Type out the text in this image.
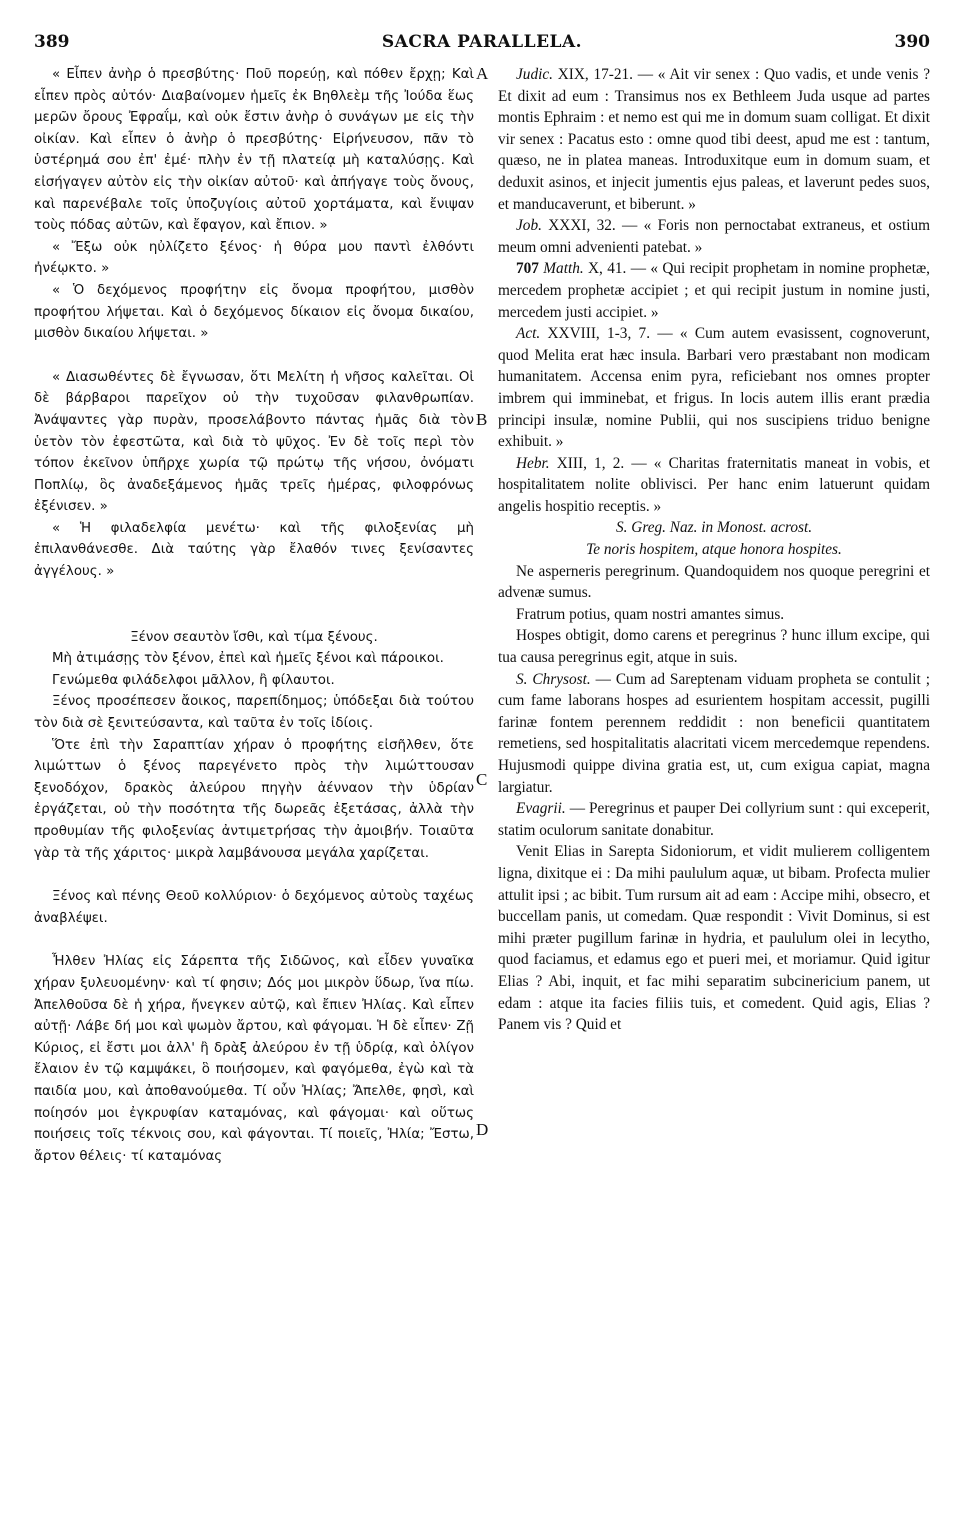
389	SACRA PARALLELA.	390
A
B
C
D

« Εἶπεν ἀνὴρ ὁ πρεσβύτης· Ποῦ πορεύῃ, καὶ πόθεν ἔρχῃ; Καὶ εἶπεν πρὸς αὐτόν· Διαβαίνομεν ἡμεῖς ἐκ Βηθλεὲμ τῆς Ἰούδα ἕως μερῶν ὄρους Ἐφραΐμ, καὶ οὐκ ἔστιν ἀνὴρ ὁ συνάγων με εἰς τὴν οἰκίαν. Καὶ εἶπεν ὁ ἀνὴρ ὁ πρεσβύτης· Εἰρήνευσον, πᾶν τὸ ὑστέρημά σου ἐπ' ἐμέ· πλὴν ἐν τῇ πλατείᾳ μὴ καταλύσῃς. Καὶ εἰσήγαγεν αὐτὸν εἰς τὴν οἰκίαν αὐτοῦ· καὶ ἀπήγαγε τοὺς ὄνους, καὶ παρενέβαλε τοῖς ὑποζυγίοις αὐτοῦ χορτάματα, καὶ ἔνιψαν τοὺς πόδας αὐτῶν, καὶ ἔφαγον, καὶ ἔπιον. »

« Ἔξω οὐκ ηὐλίζετο ξένος· ἡ θύρα μου παντὶ ἐλθόντι ἠνέῳκτο. »

« Ὁ δεχόμενος προφήτην εἰς ὄνομα προφήτου, μισθὸν προφήτου λήψεται. Καὶ ὁ δεχόμενος δίκαιον εἰς ὄνομα δικαίου, μισθὸν δικαίου λήψεται. »

« Διασωθέντες δὲ ἔγνωσαν, ὅτι Μελίτη ἡ νῆσος καλεῖται. Οἱ δὲ βάρβαροι παρεῖχον οὐ τὴν τυχοῦσαν φιλανθρωπίαν. Ἀνάψαντες γὰρ πυρὰν, προσελάβοντο πάντας ἡμᾶς διὰ τὸν ὑετὸν τὸν ἐφεστῶτα, καὶ διὰ τὸ ψῦχος. Ἐν δὲ τοῖς περὶ τὸν τόπον ἐκεῖνον ὑπῆρχε χωρία τῷ πρώτῳ τῆς νήσου, ὀνόματι Ποπλίῳ, ὃς ἀναδεξάμενος ἡμᾶς τρεῖς ἡμέρας, φιλοφρόνως ἐξένισεν. »

« Ἡ φιλαδελφία μενέτω· καὶ τῆς φιλοξενίας μὴ ἐπιλανθάνεσθε. Διὰ ταύτης γὰρ ἔλαθόν τινες ξενίσαντες ἀγγέλους. »

Ξένον σεαυτὸν ἴσθι, καὶ τίμα ξένους.

Μὴ ἀτιμάσῃς τὸν ξένον, ἐπεὶ καὶ ἡμεῖς ξένοι καὶ πάροικοι.

Γενώμεθα φιλάδελφοι μᾶλλον, ἢ φίλαυτοι.

Ξένος προσέπεσεν ἄοικος, παρεπίδημος; ὑπόδεξαι διὰ τούτου τὸν διὰ σὲ ξενιτεύσαντα, καὶ ταῦτα ἐν τοῖς ἰδίοις.

Ὅτε ἐπὶ τὴν Σαραπτίαν χήραν ὁ προφήτης εἰσῆλθεν, ὅτε λιμώττων ὁ ξένος παρεγένετο πρὸς τὴν λιμώττουσαν ξενοδόχον, δρακὸς ἀλεύρου πηγὴν ἀένναον τὴν ὑδρίαν ἐργάζεται, οὐ τὴν ποσότητα τῆς δωρεᾶς ἐξετάσας, ἀλλὰ τὴν προθυμίαν τῆς φιλοξενίας ἀντιμετρήσας τὴν ἀμοιβήν. Τοιαῦτα γὰρ τὰ τῆς χάριτος· μικρὰ λαμβάνουσα μεγάλα χαρίζεται.

Ξένος καὶ πένης Θεοῦ κολλύριον· ὁ δεχόμενος αὐτοὺς ταχέως ἀναβλέψει.

Ἦλθεν Ἠλίας εἰς Σάρεπτα τῆς Σιδῶνος, καὶ εἶδεν γυναῖκα χήραν ξυλευομένην· καὶ τί φησιν; Δός μοι μικρὸν ὕδωρ, ἵνα πίω. Ἀπελθοῦσα δὲ ἡ χήρα, ἤνεγκεν αὐτῷ, καὶ ἔπιεν Ἠλίας. Καὶ εἶπεν αὐτῇ· Λάβε δή μοι καὶ ψωμὸν ἄρτου, καὶ φάγομαι. Ἡ δὲ εἶπεν· Ζῇ Κύριος, εἰ ἔστι μοι ἀλλ' ἢ δρὰξ ἀλεύρου ἐν τῇ ὑδρίᾳ, καὶ ὀλίγον ἔλαιον ἐν τῷ καμψάκει, ὃ ποιήσομεν, καὶ φαγόμεθα, ἐγὼ καὶ τὰ παιδία μου, καὶ ἀποθανούμεθα. Τί οὖν Ἠλίας; Ἄπελθε, φησὶ, καὶ ποίησόν μοι ἐγκρυφίαν καταμόνας, καὶ φάγομαι· καὶ οὕτως ποιήσεις τοῖς τέκνοις σου, καὶ φάγονται. Τί ποιεῖς, Ἠλία; Ἔστω, ἄρτον θέλεις· τί καταμόνας

Judic. XIX, 17-21. — « Ait vir senex : Quo vadis, et unde venis ? Et dixit ad eum : Transimus nos ex Bethleem Juda usque ad partes montis Ephraim : et nemo est qui me in domum suam colligat. Et dixit vir senex : Pacatus esto : omne quod tibi deest, apud me est : tantum, quæso, ne in platea maneas. Introduxitque eum in domum suam, et deduxit asinos, et injecit jumentis ejus paleas, et laverunt pedes suos, et manducaverunt, et biberunt. »

Job. XXXI, 32. — « Foris non pernoctabat extraneus, et ostium meum omni advenienti patebat. »

707 Matth. X, 41. — « Qui recipit prophetam in nomine prophetæ, mercedem prophetæ accipiet ; et qui recipit justum in nomine justi, mercedem justi accipiet. »

Act. XXVIII, 1-3, 7. — « Cum autem evasissent, cognoverunt, quod Melita erat hæc insula. Barbari vero præstabant non modicam humanitatem. Accensa enim pyra, reficiebant nos omnes propter imbrem qui imminebat, et frigus. In locis autem illis erant prædia principi insulæ, nomine Publii, qui nos suscipiens triduo benigne exhibuit. »

Hebr. XIII, 1, 2. — « Charitas fraternitatis maneat in vobis, et hospitalitatem nolite oblivisci. Per hanc enim latuerunt quidam angelis hospitio receptis. »

S. Greg. Naz. in Monost. acrost.

Te noris hospitem, atque honora hospites.

Ne asperneris peregrinum. Quandoquidem nos quoque peregrini et advenæ sumus.

Fratrum potius, quam nostri amantes simus.

Hospes obtigit, domo carens et peregrinus ? hunc illum excipe, qui tua causa peregrinus egit, atque in suis.

S. Chrysost. — Cum ad Sareptenam viduam propheta se contulit ; cum fame laborans hospes ad esurientem hospitam accessit, pugilli farinæ fontem perennem reddidit : non beneficii quantitatem remetiens, sed hospitalitatis alacritati vicem mercedemque rependens. Hujusmodi quippe divina gratia est, ut, cum exigua capiat, magna largiatur.

Evagrii. — Peregrinus et pauper Dei collyrium sunt : qui exceperit, statim oculorum sanitate donabitur.

Venit Elias in Sarepta Sidoniorum, et vidit mulierem colligentem ligna, dixitque ei : Da mihi paululum aquæ, ut bibam. Profecta mulier attulit ipsi ; ac bibit. Tum rursum ait ad eam : Accipe mihi, obsecro, et buccellam panis, ut comedam. Quæ respondit : Vivit Dominus, si est mihi præter pugillum farinæ in hydria, et paululum olei in lecytho, quod faciamus, et edamus ego et pueri mei, et moriamur. Quid igitur Elias ? Abi, inquit, et fac mihi separatim subcinericium panem, ut edam : atque ita facies filiis tuis, et comedent. Quid agis, Elias ? Panem vis ? Quid et
